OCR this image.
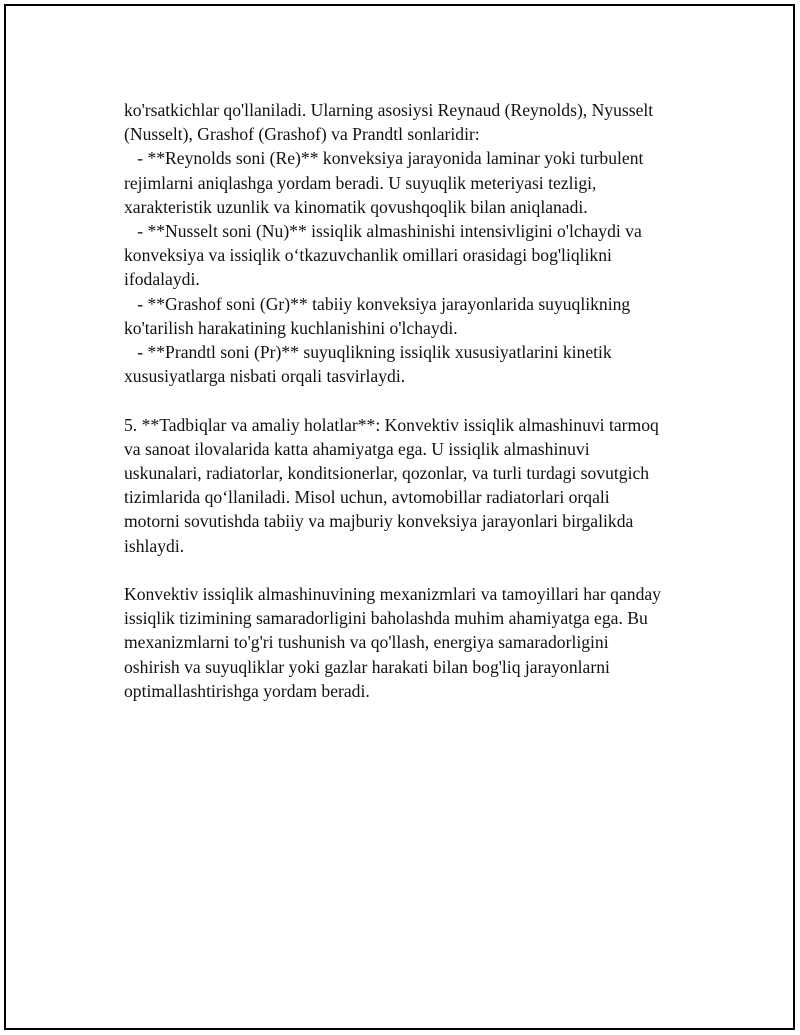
ko'rsatkichlar qo'llaniladi. Ularning asosiysi Reynaud (Reynolds), Nyusselt
(Nusselt), Grashof (Grashof) va Prandtl sonlaridir:
- **Reynolds soni (Re)** konveksiya jarayonida laminar yoki turbulent
rejimlarni aniqlashga yordam beradi. U suyuqlik meteriyasi tezligi,
xarakteristik uzunlik va kinomatik qovushqoqlik bilan aniqlanadi.
- **Nusselt soni (Nu)** issiqlik almashinishi intensivligini o'lchaydi va
konveksiya va issiqlik o‘tkazuvchanlik omillari orasidagi bog'liqlikni
ifodalaydi.
- **Grashof soni (Gr)** tabiiy konveksiya jarayonlarida suyuqlikning
ko'tarilish harakatining kuchlanishini o'lchaydi.
- **Prandtl soni (Pr)** suyuqlikning issiqlik xususiyatlarini kinetik
xususiyatlarga nisbati orqali tasvirlaydi.
5. **Tadbiqlar va amaliy holatlar**: Konvektiv issiqlik almashinuvi tarmoq
va sanoat ilovalarida katta ahamiyatga ega. U issiqlik almashinuvi
uskunalari, radiatorlar, konditsionerlar, qozonlar, va turli turdagi sovutgich
tizimlarida qo‘llaniladi. Misol uchun, avtomobillar radiatorlari orqali
motorni sovutishda tabiiy va majburiy konveksiya jarayonlari birgalikda
ishlaydi.
Konvektiv issiqlik almashinuvining mexanizmlari va tamoyillari har qanday
issiqlik tizimining samaradorligini baholashda muhim ahamiyatga ega. Bu
mexanizmlarni to'g'ri tushunish va qo'llash, energiya samaradorligini
oshirish va suyuqliklar yoki gazlar harakati bilan bog'liq jarayonlarni
optimallashtirishga yordam beradi.
